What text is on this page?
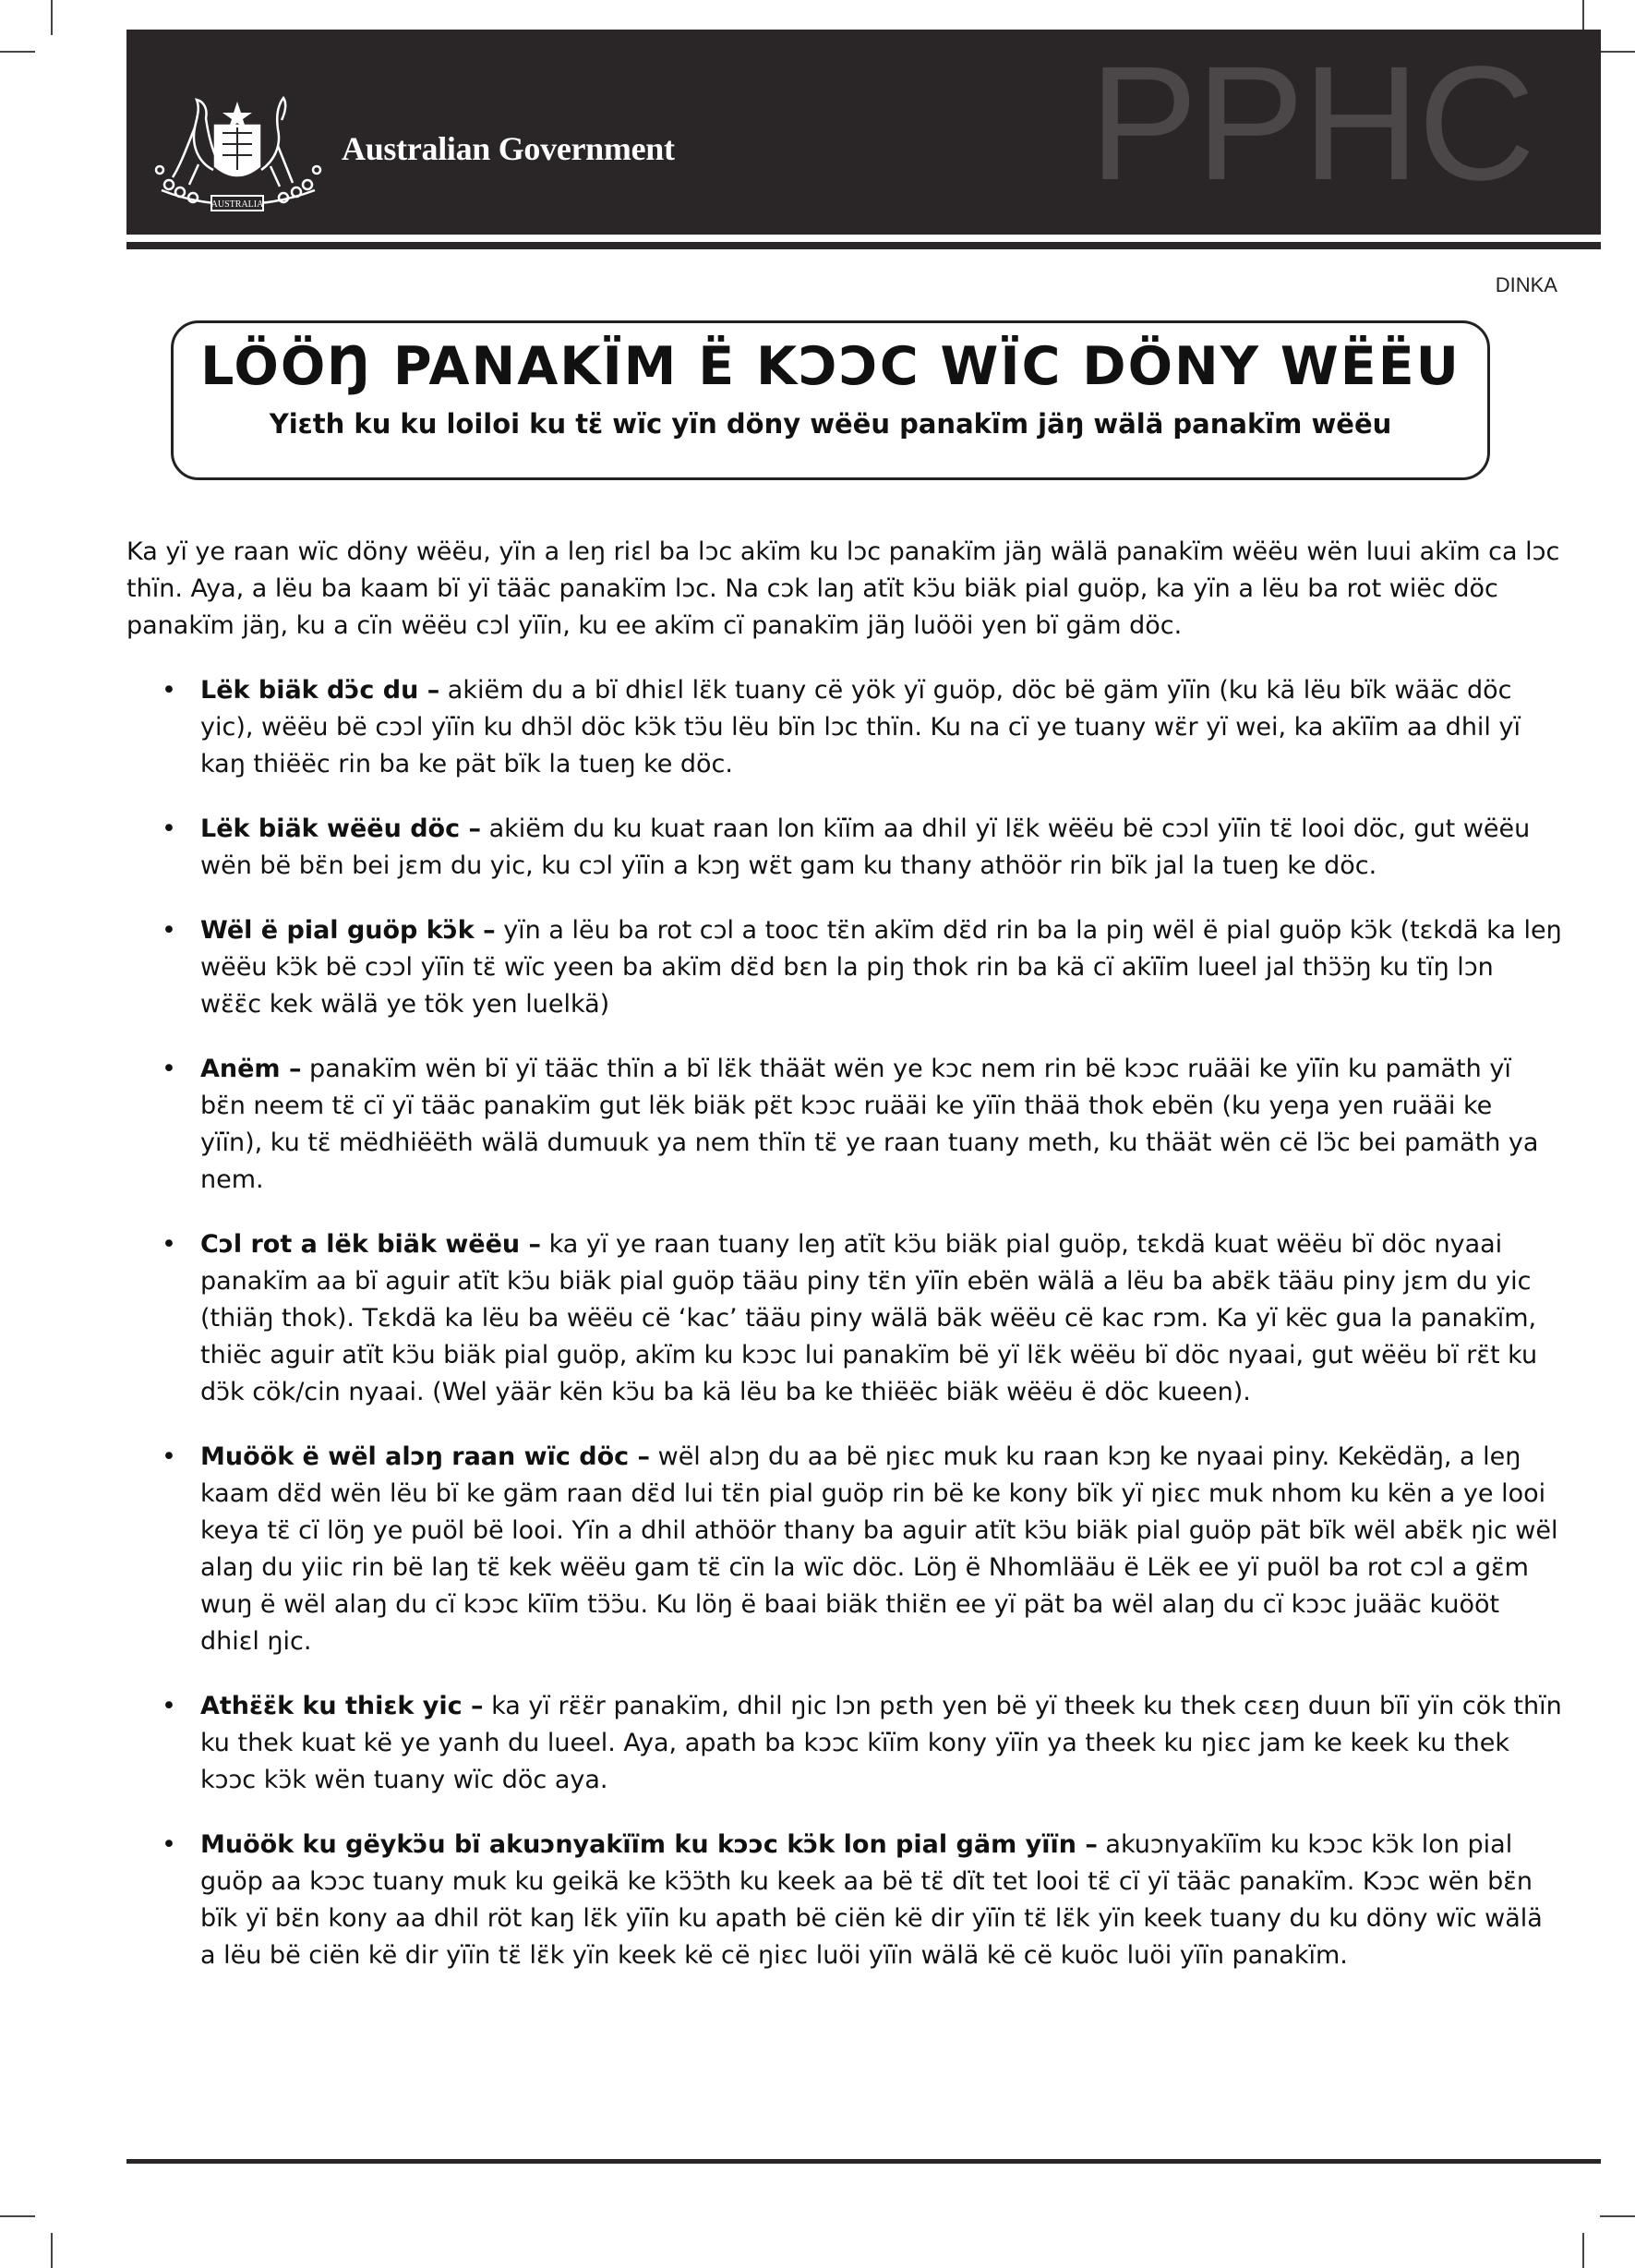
PPHC
AUSTRALIA
Australian Government
DINKA
LÖÖŊ PANAKÏM Ë KƆƆC WÏC DÖNY WËËU
Yiɛth ku ku loiloi ku tɛ̈ wïc yïn döny wëëu panakïm jäŋ wälä panakïm wëëu

Ka yï ye raan wïc döny wëëu, yïn a leŋ riɛl ba lɔc akïm ku lɔc panakïm jäŋ wälä panakïm wëëu wën luui akïm ca lɔc thïn. Aya, a lëu ba kaam bï yï tääc panakïm lɔc. Na cɔk laŋ atït kɔ̈u biäk pial guöp, ka yïn a lëu ba rot wiëc döc panakïm jäŋ, ku a cïn wëëu cɔl yïïn, ku ee akïm cï panakïm jäŋ luööi yen bï gäm döc.

• Lëk biäk dɔ̈c du – akiëm du a bï dhiɛl lɛ̈k tuany cë yök yï guöp, döc bë gäm yïïn (ku kä lëu bïk wääc döc yic), wëëu bë cɔɔl yïïn ku dhɔ̈l döc kɔ̈k tɔ̈u lëu bïn lɔc thïn. Ku na cï ye tuany wɛ̈r yï wei, ka akïïm aa dhil yï kaŋ thiëëc rin ba ke pät bïk la tueŋ ke döc.
• Lëk biäk wëëu döc – akiëm du ku kuat raan lon kïïm aa dhil yï lɛ̈k wëëu bë cɔɔl yïïn tɛ̈ looi döc, gut wëëu wën bë bɛ̈n bei jɛm du yic, ku cɔl yïïn a kɔŋ wɛ̈t gam ku thany athöör rin bïk jal la tueŋ ke döc.
• Wël ë pial guöp kɔ̈k – yïn a lëu ba rot cɔl a tooc tɛ̈n akïm dɛ̈d rin ba la piŋ wël ë pial guöp kɔ̈k (tɛkdä ka leŋ wëëu kɔ̈k bë cɔɔl yïïn tɛ̈ wïc yeen ba akïm dɛ̈d bɛn la piŋ thok rin ba kä cï akïïm lueel jal thɔ̈ɔ̈ŋ ku tïŋ lɔn wɛ̈ɛ̈c kek wälä ye tök yen luelkä)
• Anëm – panakïm wën bï yï tääc thïn a bï lɛ̈k thäät wën ye kɔc nem rin bë kɔɔc ruääi ke yïïn ku pamäth yï bɛ̈n neem tɛ̈ cï yï tääc panakïm gut lëk biäk pɛ̈t kɔɔc ruääi ke yïïn thää thok ebën (ku yeŋa yen ruääi ke yïïn), ku tɛ̈ mëdhiëëth wälä dumuuk ya nem thïn tɛ̈ ye raan tuany meth, ku thäät wën cë lɔ̈c bei pamäth ya nem.
• Cɔl rot a lëk biäk wëëu – ka yï ye raan tuany leŋ atït kɔ̈u biäk pial guöp, tɛkdä kuat wëëu bï döc nyaai panakïm aa bï aguir atït kɔ̈u biäk pial guöp tääu piny tɛ̈n yïïn ebën wälä a lëu ba abɛ̈k tääu piny jɛm du yic (thiäŋ thok). Tɛkdä ka lëu ba wëëu cë ‘kac’ tääu piny wälä bäk wëëu cë kac rɔm. Ka yï këc gua la panakïm, thiëc aguir atït kɔ̈u biäk pial guöp, akïm ku kɔɔc lui panakïm bë yï lɛ̈k wëëu bï döc nyaai, gut wëëu bï rɛ̈t ku dɔ̈k cök/cin nyaai. (Wel yäär kën kɔ̈u ba kä lëu ba ke thiëëc biäk wëëu ë döc kueen).
• Muöök ë wël alɔŋ raan wïc döc – wël alɔŋ du aa bë ŋiɛc muk ku raan kɔŋ ke nyaai piny. Kekëdäŋ, a leŋ kaam dɛ̈d wën lëu bï ke gäm raan dɛ̈d lui tɛ̈n pial guöp rin bë ke kony bïk yï ŋiɛc muk nhom ku kën a ye looi keya tɛ̈ cï löŋ ye puöl bë looi. Yïn a dhil athöör thany ba aguir atït kɔ̈u biäk pial guöp pät bïk wël abɛ̈k ŋic wël alaŋ du yiic rin bë laŋ tɛ̈ kek wëëu gam tɛ̈ cïn la wïc döc. Löŋ ë Nhomlääu ë Lëk ee yï puöl ba rot cɔl a gɛ̈m wuŋ ë wël alaŋ du cï kɔɔc kïïm tɔ̈ɔ̈u. Ku löŋ ë baai biäk thiɛ̈n ee yï pät ba wël alaŋ du cï kɔɔc juääc kuööt dhiɛl ŋic.
• Athɛ̈ɛ̈k ku thiɛk yic – ka yï rɛ̈ɛ̈r panakïm, dhil ŋic lɔn pɛth yen bë yï theek ku thek cɛɛŋ duun bïï yïn cök thïn ku thek kuat kë ye yanh du lueel. Aya, apath ba kɔɔc kïïm kony yïïn ya theek ku ŋiɛc jam ke keek ku thek kɔɔc kɔ̈k wën tuany wïc döc aya.
• Muöök ku gëykɔ̈u bï akuɔnyakïïm ku kɔɔc kɔ̈k lon pial gäm yïïn – akuɔnyakïïm ku kɔɔc kɔ̈k lon pial guöp aa kɔɔc tuany muk ku geikä ke kɔ̈ɔ̈th ku keek aa bë tɛ̈ dït tet looi tɛ̈ cï yï tääc panakïm. Kɔɔc wën bɛ̈n bïk yï bɛ̈n kony aa dhil röt kaŋ lɛ̈k yïïn ku apath bë ciën kë dir yïïn tɛ̈ lɛ̈k yïn keek tuany du ku döny wïc wälä a lëu bë ciën kë dir yïïn tɛ̈ lɛ̈k yïn keek kë cë ŋiɛc luöi yïïn wälä kë cë kuöc luöi yïïn panakïm.
